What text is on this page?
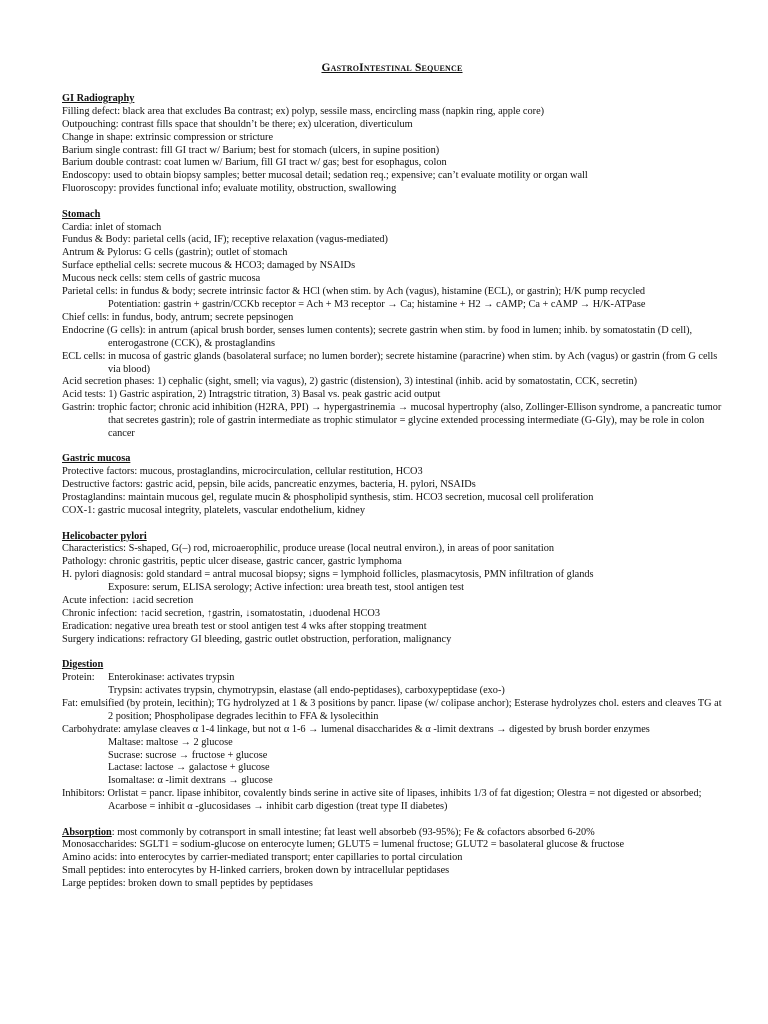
GastroIntestinal Sequence
GI Radiography
Filling defect: black area that excludes Ba contrast; ex) polyp, sessile mass, encircling mass (napkin ring, apple core)
Outpouching: contrast fills space that shouldn’t be there; ex) ulceration, diverticulum
Change in shape: extrinsic compression or stricture
Barium single contrast: fill GI tract w/ Barium; best for stomach (ulcers, in supine position)
Barium double contrast: coat lumen w/ Barium, fill GI tract w/ gas; best for esophagus, colon
Endoscopy: used to obtain biopsy samples; better mucosal detail; sedation req.; expensive; can’t evaluate motility or organ wall
Fluoroscopy: provides functional info; evaluate motility, obstruction, swallowing
Stomach
Cardia: inlet of stomach
Fundus & Body: parietal cells (acid, IF); receptive relaxation (vagus-mediated)
Antrum & Pylorus: G cells (gastrin); outlet of stomach
Surface epthelial cells: secrete mucous & HCO3; damaged by NSAIDs
Mucous neck cells: stem cells of gastric mucosa
Parietal cells: in fundus & body; secrete intrinsic factor & HCl (when stim. by Ach (vagus), histamine (ECL), or gastrin); H/K pump recycled
Potentiation: gastrin + gastrin/CCKb receptor = Ach + M3 receptor → Ca; histamine + H2 → cAMP; Ca + cAMP → H/K-ATPase
Chief cells: in fundus, body, antrum; secrete pepsinogen
Endocrine (G cells): in antrum (apical brush border, senses lumen contents); secrete gastrin when stim. by food in lumen; inhib. by somatostatin (D cell), enterogastrone (CCK), & prostaglandins
ECL cells: in mucosa of gastric glands (basolateral surface; no lumen border); secrete histamine (paracrine) when stim. by Ach (vagus) or gastrin (from G cells via blood)
Acid secretion phases: 1) cephalic (sight, smell; via vagus), 2) gastric (distension), 3) intestinal (inhib. acid by somatostatin, CCK, secretin)
Acid tests: 1) Gastric aspiration, 2) Intragstric titration, 3) Basal vs. peak gastric acid output
Gastrin: trophic factor; chronic acid inhibition (H2RA, PPI) → hypergastrinemia → mucosal hypertrophy (also, Zollinger-Ellison syndrome, a pancreatic tumor that secretes gastrin); role of gastrin intermediate as trophic stimulator = glycine extended processing intermediate (G-Gly), may be role in colon cancer
Gastric mucosa
Protective factors: mucous, prostaglandins, microcirculation, cellular restitution, HCO3
Destructive factors: gastric acid, pepsin, bile acids, pancreatic enzymes, bacteria, H. pylori, NSAIDs
Prostaglandins: maintain mucous gel, regulate mucin & phospholipid synthesis, stim. HCO3 secretion, mucosal cell proliferation
COX-1: gastric mucosal integrity, platelets, vascular endothelium, kidney
Helicobacter pylori
Characteristics: S-shaped, G(–) rod, microaerophilic, produce urease (local neutral environ.), in areas of poor sanitation
Pathology: chronic gastritis, peptic ulcer disease, gastric cancer, gastric lymphoma
H. pylori diagnosis: gold standard = antral mucosal biopsy; signs = lymphoid follicles, plasmacytosis, PMN infiltration of glands
Exposure: serum, ELISA serology; Active infection: urea breath test, stool antigen test
Acute infection: ↓acid secretion
Chronic infection: ↑acid secretion, ↑gastrin, ↓somatostatin, ↓duodenal HCO3
Eradication: negative urea breath test or stool antigen test 4 wks after stopping treatment
Surgery indications: refractory GI bleeding, gastric outlet obstruction, perforation, malignancy
Digestion
Protein: Enterokinase: activates trypsin
Trypsin: activates trypsin, chymotrypsin, elastase (all endo-peptidases), carboxypeptidase (exo-)
Fat: emulsified (by protein, lecithin); TG hydrolyzed at 1 & 3 positions by pancr. lipase (w/ colipase anchor); Esterase hydrolyzes chol. esters and cleaves TG at 2 position; Phospholipase degrades lecithin to FFA & lysolecithin
Carbohydrate: amylase cleaves α 1-4 linkage, but not α 1-6 → lumenal disaccharides & α -limit dextrans → digested by brush border enzymes
Maltase: maltose → 2 glucose
Sucrase: sucrose → fructose + glucose
Lactase: lactose → galactose + glucose
Isomaltase: α -limit dextrans → glucose
Inhibitors: Orlistat = pancr. lipase inhibitor, covalently binds serine in active site of lipases, inhibits 1/3 of fat digestion; Olestra = not digested or absorbed; Acarbose = inhibit α -glucosidases → inhibit carb digestion (treat type II diabetes)
Absorption: most commonly by cotransport in small intestine; fat least well absorbeb (93-95%); Fe & cofactors absorbed 6-20%
Monosaccharides: SGLT1 = sodium-glucose on enterocyte lumen; GLUT5 = lumenal fructose; GLUT2 = basolateral glucose & fructose
Amino acids: into enterocytes by carrier-mediated transport; enter capillaries to portal circulation
Small peptides: into enterocytes by H-linked carriers, broken down by intracellular peptidases
Large peptides: broken down to small peptides by peptidases
